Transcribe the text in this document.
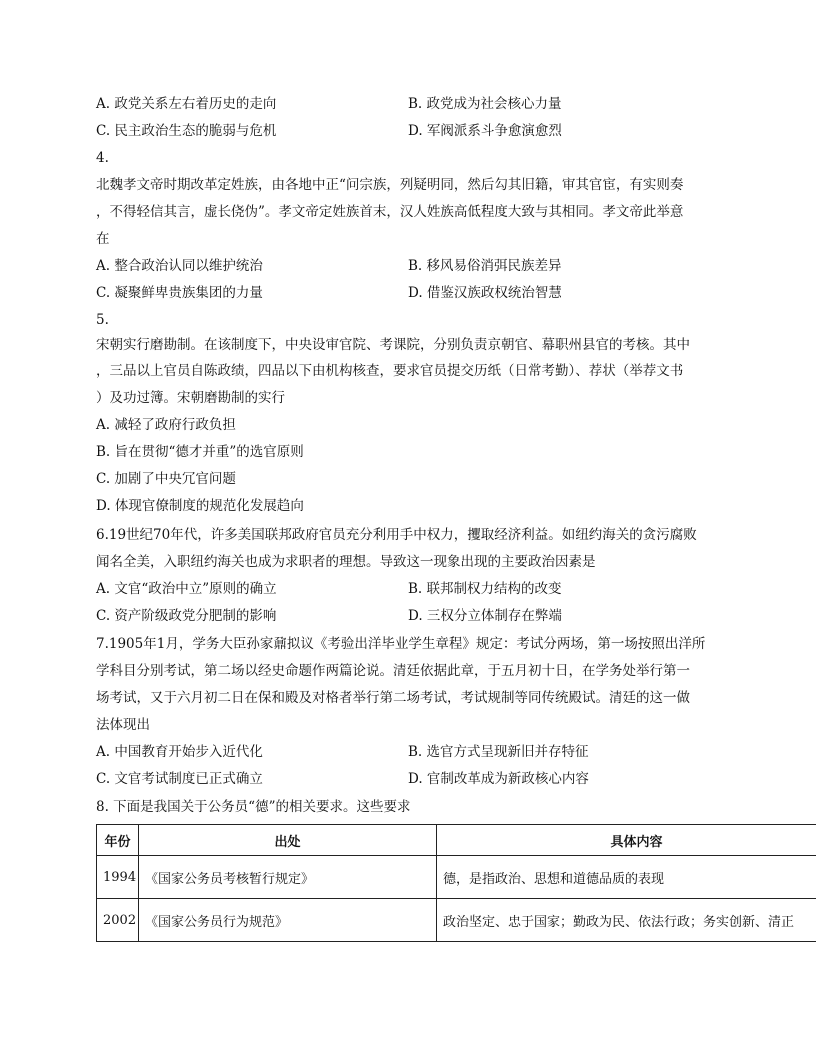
A. 政党关系左右着历史的走向	B. 政党成为社会核心力量
C. 民主政治生态的脆弱与危机	D. 军阀派系斗争愈演愈烈
4.
北魏孝文帝时期改革定姓族，由各地中正“问宗族，列疑明同，然后勾其旧籍，审其官宦，有实则奏
，不得轻信其言，虚长侥伪”。孝文帝定姓族首末，汉人姓族高低程度大致与其相同。孝文帝此举意
在
A. 整合政治认同以维护统治	B. 移风易俗消弭民族差异
C. 凝聚鲜卑贵族集团的力量	D. 借鉴汉族政权统治智慧
5.
宋朝实行磨勘制。在该制度下，中央设审官院、考课院，分别负责京朝官、幕职州县官的考核。其中
，三品以上官员自陈政绩，四品以下由机构核查，要求官员提交历纸（日常考勤）、荐状（举荐文书
）及功过簿。宋朝磨勘制的实行
A. 减轻了政府行政负担
B. 旨在贯彻“德才并重”的选官原则
C. 加剧了中央冗官问题
D. 体现官僚制度的规范化发展趋向
6.19世纪70年代，许多美国联邦政府官员充分利用手中权力，攫取经济利益。如纽约海关的贪污腐败
闻名全美，入职纽约海关也成为求职者的理想。导致这一现象出现的主要政治因素是
A. 文官“政治中立”原则的确立	B. 联邦制权力结构的改变
C. 资产阶级政党分肥制的影响	D. 三权分立体制存在弊端
7.1905年1月，学务大臣孙家鼐拟议《考验出洋毕业学生章程》规定：考试分两场，第一场按照出洋所
学科目分别考试，第二场以经史命题作两篇论说。清廷依据此章，于五月初十日，在学务处举行第一
场考试，又于六月初二日在保和殿及对格者举行第二场考试，考试规制等同传统殿试。清廷的这一做
法体现出
A. 中国教育开始步入近代化	B. 选官方式呈现新旧并存特征
C. 文官考试制度已正式确立	D. 官制改革成为新政核心内容
8. 下面是我国关于公务员“德”的相关要求。这些要求
年份	出处	具体内容
1994	《国家公务员考核暂行规定》	德，是指政治、思想和道德品质的表现
2002	《国家公务员行为规范》	政治坚定、忠于国家；勤政为民、依法行政；务实创新、清正
